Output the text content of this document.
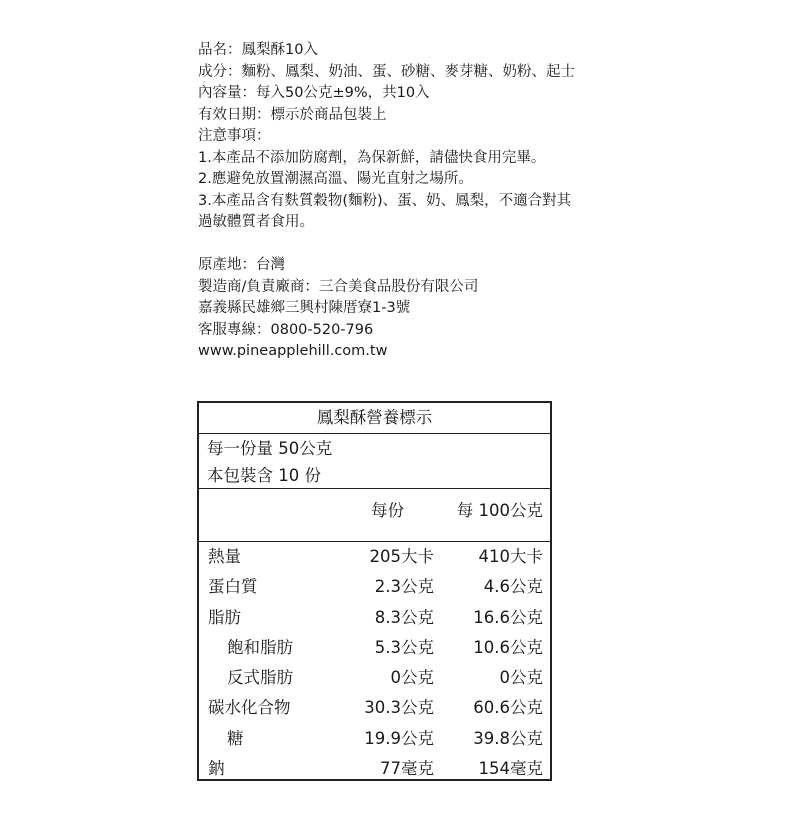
品名：鳳梨酥10入
成分：麵粉、鳳梨、奶油、蛋、砂糖、麥芽糖、奶粉、起士
內容量：每入50公克±9%，共10入
有效日期：標示於商品包裝上
注意事項：
1.本產品不添加防腐劑，為保新鮮，請儘快食用完畢。
2.應避免放置潮濕高溫、陽光直射之場所。
3.本產品含有麩質穀物(麵粉)、蛋、奶、鳳梨，不適合對其
過敏體質者食用。
原產地：台灣
製造商/負責廠商：三合美食品股份有限公司
嘉義縣民雄鄉三興村陳厝寮1-3號
客服專線：0800-520-796
www.pineapplehill.com.tw
鳳梨酥營養標示
每一份量 50公克
本包裝含 10 份
每份	每 100公克
熱量	205大卡	410大卡
蛋白質	2.3公克	4.6公克
脂肪	8.3公克 16.6公克
飽和脂肪	5.3公克 10.6公克
反式脂肪	0公克	0公克
碳水化合物	30.3公克 60.6公克
糖	19.9公克 39.8公克
鈉	77毫克	154毫克
